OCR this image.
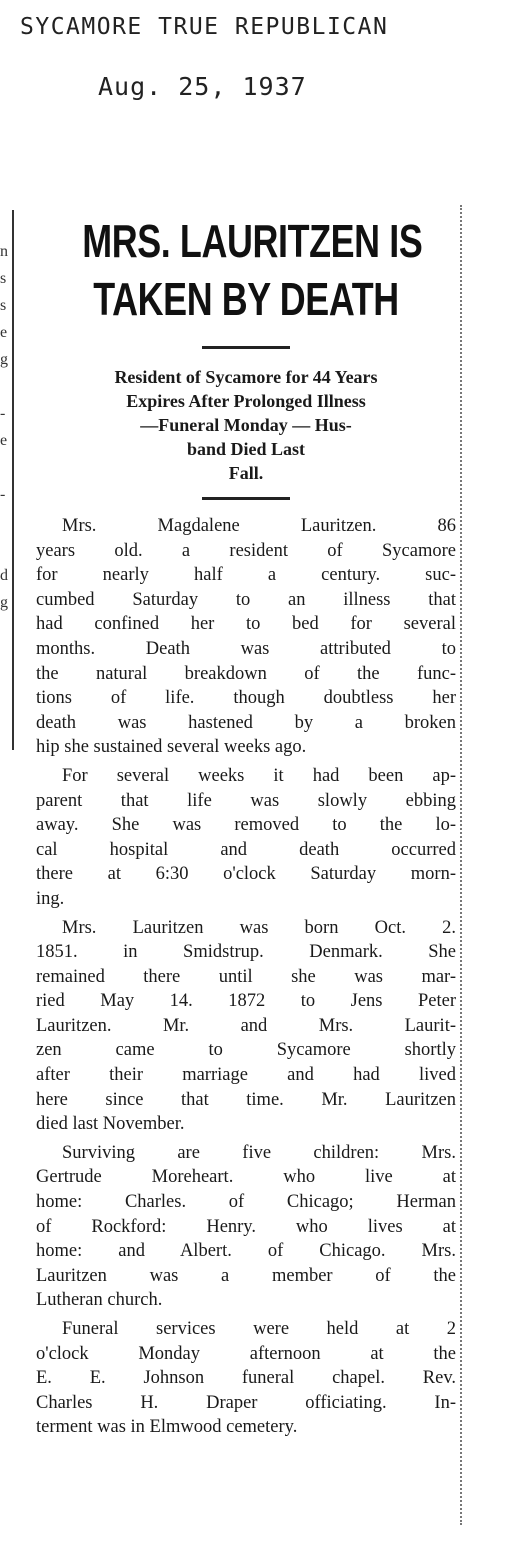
SYCAMORE TRUE REPUBLICAN
Aug. 25, 1937
n
s
s
e
g
-
e
-
d
g
MRS. LAURITZEN IS
TAKEN BY DEATH
Resident of Sycamore for 44 Years
Expires After Prolonged Illness
—Funeral Monday — Hus-
band Died Last
Fall.
Mrs. Magdalene Lauritzen. 86
years old. a resident of Sycamore
for nearly half a century. suc-
cumbed Saturday to an illness that
had confined her to bed for several
months. Death was attributed to
the natural breakdown of the func-
tions of life. though doubtless her
death was hastened by a broken
hip she sustained several weeks ago.
For several weeks it had been ap-
parent that life was slowly ebbing
away. She was removed to the lo-
cal hospital and death occurred
there at 6:30 o'clock Saturday morn-
ing.
Mrs. Lauritzen was born Oct. 2.
1851. in Smidstrup. Denmark. She
remained there until she was mar-
ried May 14. 1872 to Jens Peter
Lauritzen. Mr. and Mrs. Laurit-
zen came to Sycamore shortly
after their marriage and had lived
here since that time. Mr. Lauritzen
died last November.
Surviving are five children: Mrs.
Gertrude Moreheart. who live at
home: Charles. of Chicago; Herman
of Rockford: Henry. who lives at
home: and Albert. of Chicago. Mrs.
Lauritzen was a member of the
Lutheran church.
Funeral services were held at 2
o'clock Monday afternoon at the
E. E. Johnson funeral chapel. Rev.
Charles H. Draper officiating. In-
terment was in Elmwood cemetery.
